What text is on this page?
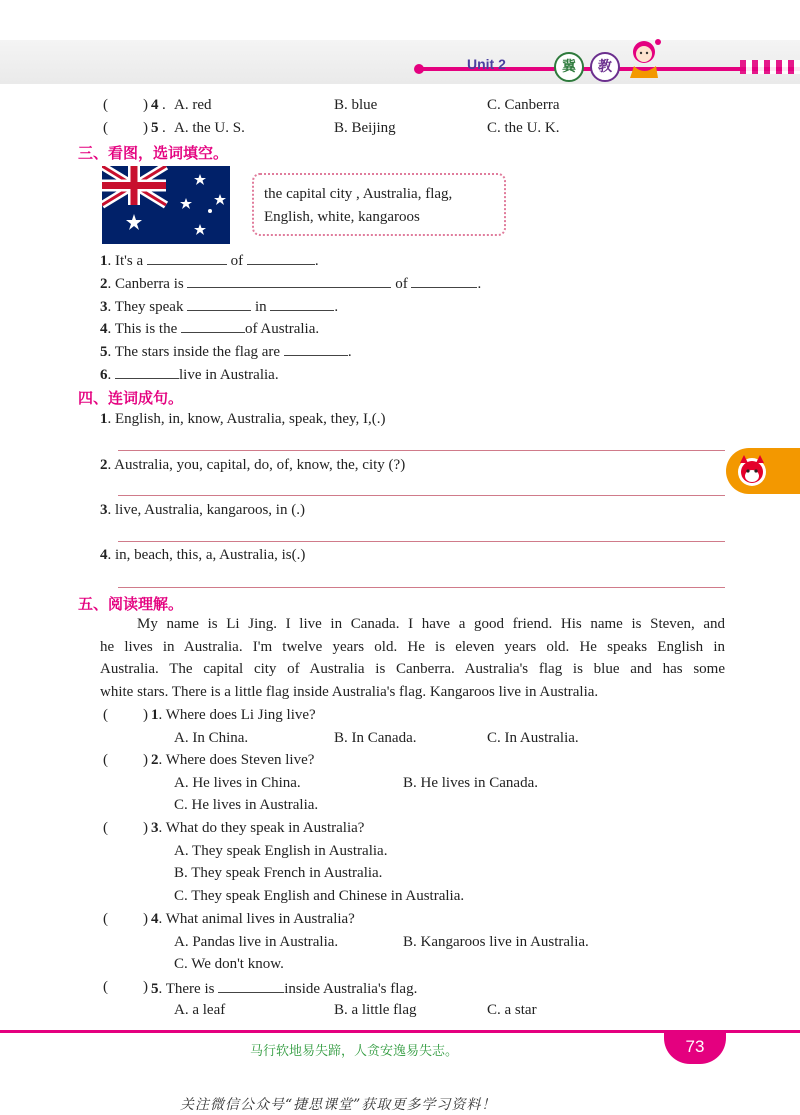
Unit 2	冀	教
( ) 4 . A. red	B. blue	C. Canberra
( ) 5 . A. the U. S.	B. Beijing	C. the U. K.
三、看图，选词填空。
the capital city , Australia, flag,
English, white, kangaroos
1. It's a	of	.
2. Canberra is	of	.
3. They speak	in	.
4. This is the	of Australia.
5. The stars inside the flag are	.
6.	live in Australia.
四、连词成句。
1. English, in, know, Australia, speak, they, I,(.)
2. Australia, you, capital, do, of, know, the, city (?)
3. live, Australia, kangaroos, in (.)
4. in, beach, this, a, Australia, is(.)
五、阅读理解。
My name is Li Jing. I live in Canada. I have a good friend. His name is Steven, and
he lives in Australia. I'm twelve years old. He is eleven years old. He speaks English in
Australia. The capital city of Australia is Canberra. Australia's flag is blue and has some
white stars. There is a little flag inside Australia's flag. Kangaroos live in Australia.
( ) 1. Where does Li Jing live?
A. In China.	B. In Canada.	C. In Australia.
( ) 2. Where does Steven live?
A. He lives in China.	B. He lives in Canada.
C. He lives in Australia.
( ) 3. What do they speak in Australia?
A. They speak English in Australia.
B. They speak French in Australia.
C. They speak English and Chinese in Australia.
( ) 4. What animal lives in Australia?
A. Pandas live in Australia.	B. Kangaroos live in Australia.
C. We don't know.
( ) 5. There is	inside Australia's flag.
A. a leaf	B. a little flag	C. a star
马行软地易失蹄，人贪安逸易失志。	73
关注微信公众号“捷思课堂”获取更多学习资料！
